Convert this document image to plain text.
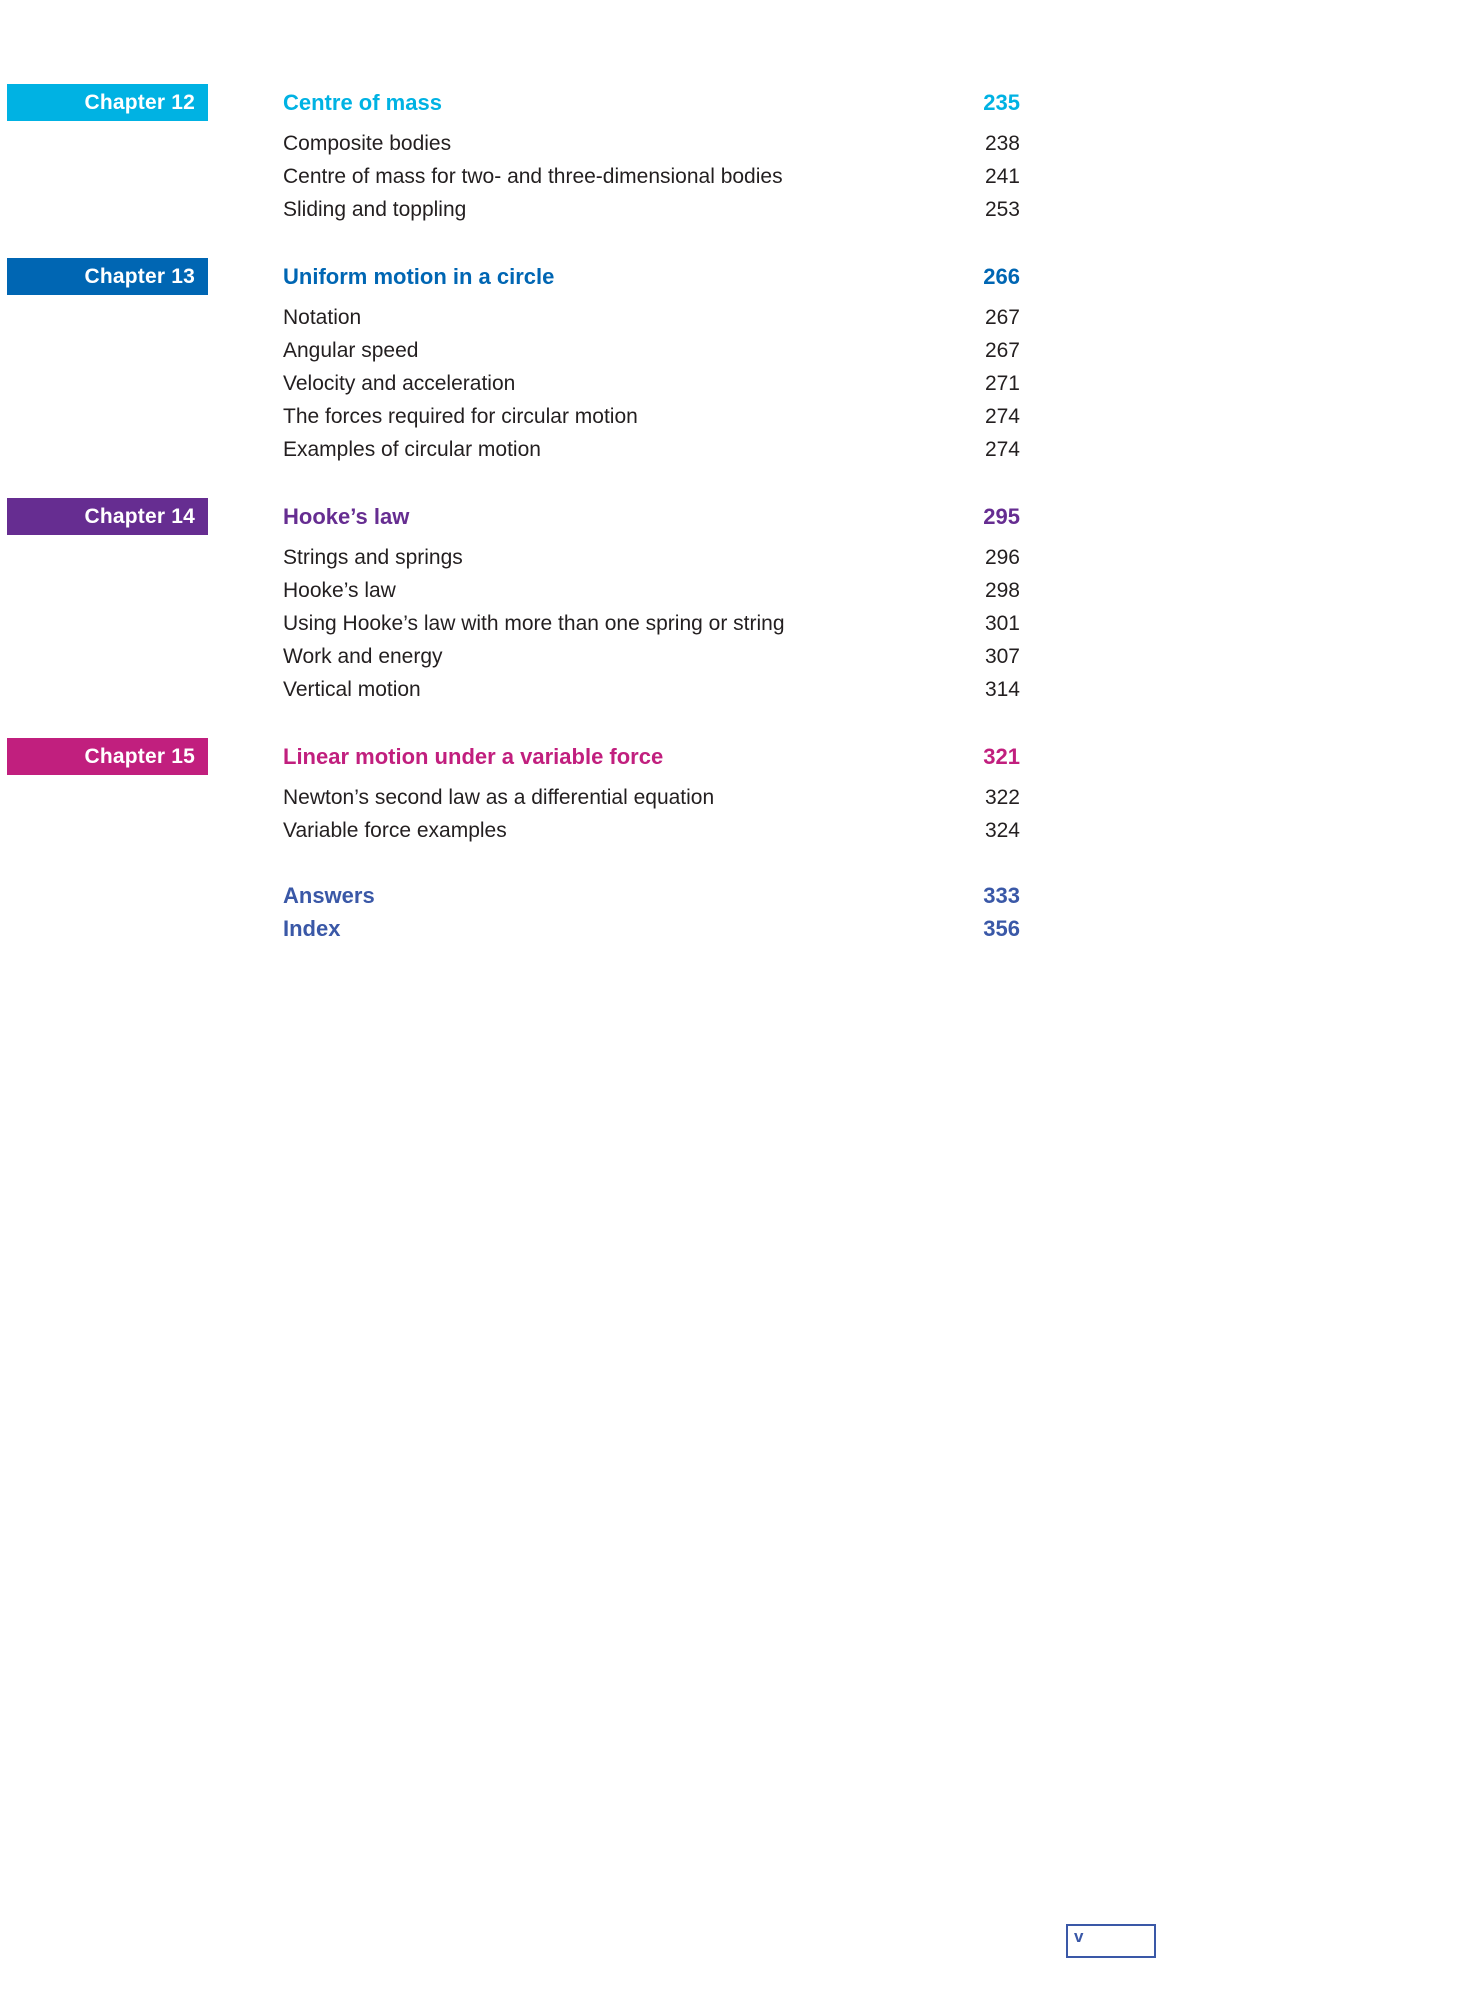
Chapter 12	Centre of mass	235
Composite bodies	238
Centre of mass for two- and three-dimensional bodies	241
Sliding and toppling	253
Chapter 13	Uniform motion in a circle	266
Notation	267
Angular speed	267
Velocity and acceleration	271
The forces required for circular motion	274
Examples of circular motion	274
Chapter 14	Hooke’s law	295
Strings and springs	296
Hooke’s law	298
Using Hooke’s law with more than one spring or string	301
Work and energy	307
Vertical motion	314
Chapter 15	Linear motion under a variable force	321
Newton’s second law as a differential equation	322
Variable force examples	324
Answers	333
Index	356
v
